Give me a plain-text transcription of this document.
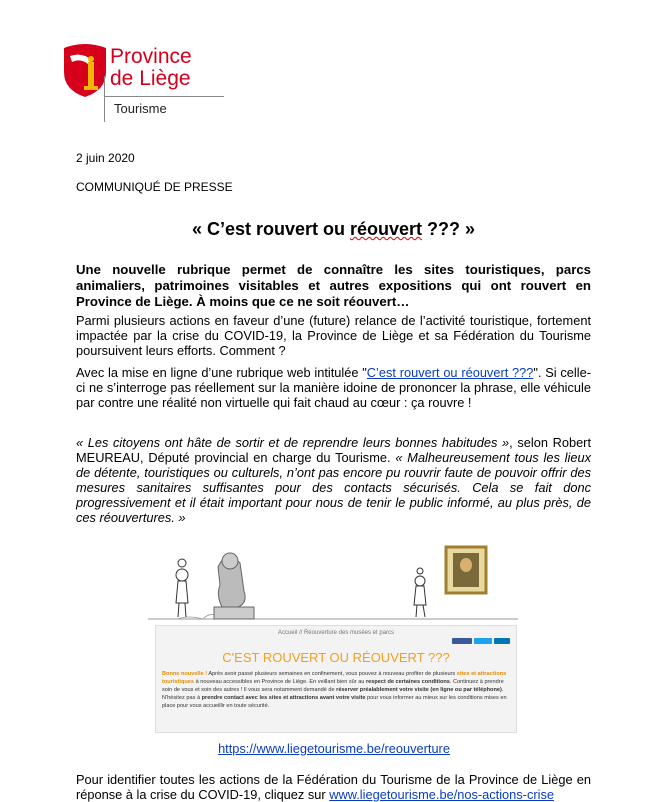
Province
de Liège
Tourisme
2 juin 2020
COMMUNIQUÉ DE PRESSE
« C’est rouvert ou réouvert ??? »
Une nouvelle rubrique permet de connaître les sites touristiques, parcs animaliers, patrimoines visitables et autres expositions qui ont rouvert en Province de Liège. À moins que ce ne soit réouvert…
Parmi plusieurs actions en faveur d’une (future) relance de l’activité touristique, fortement impactée par la crise du COVID-19, la Province de Liège et sa Fédération du Tourisme poursuivent leurs efforts. Comment ?
Avec la mise en ligne d’une rubrique web intitulée "C’est rouvert ou réouvert ???". Si celle-ci ne s’interroge pas réellement sur la manière idoine de prononcer la phrase, elle véhicule par contre une réalité non virtuelle qui fait chaud au cœur : ça rouvre !
« Les citoyens ont hâte de sortir et de reprendre leurs bonnes habitudes », selon Robert MEUREAU, Député provincial en charge du Tourisme. « Malheureusement tous les lieux de détente, touristiques ou culturels, n’ont pas encore pu rouvrir faute de pouvoir offrir des mesures sanitaires suffisantes pour des contacts sécurisés. Cela se fait donc progressivement et il était important pour nous de tenir le public informé, au plus près, de ces réouvertures. »
Accueil // Réouverture des musées et parcs
C'EST ROUVERT OU RÉOUVERT ???
Bonne nouvelle ! Après avoir passé plusieurs semaines en confinement, vous pouvez à nouveau profiter de plusieurs sites et attractions touristiques à nouveau accessibles en Province de Liège. En veillant bien sûr au respect de certaines conditions. Continuez à prendre soin de vous et soin des autres ! Il vous sera notamment demandé de réserver préalablement votre visite (en ligne ou par téléphone).
N'hésitez pas à prendre contact avec les sites et attractions avant votre visite pour vous informer au mieux sur les conditions mises en place pour vous accueillir en toute sécurité.
https://www.liegetourisme.be/reouverture
Pour identifier toutes les actions de la Fédération du Tourisme de la Province de Liège en réponse à la crise du COVID-19, cliquez sur www.liegetourisme.be/nos-actions-crise
